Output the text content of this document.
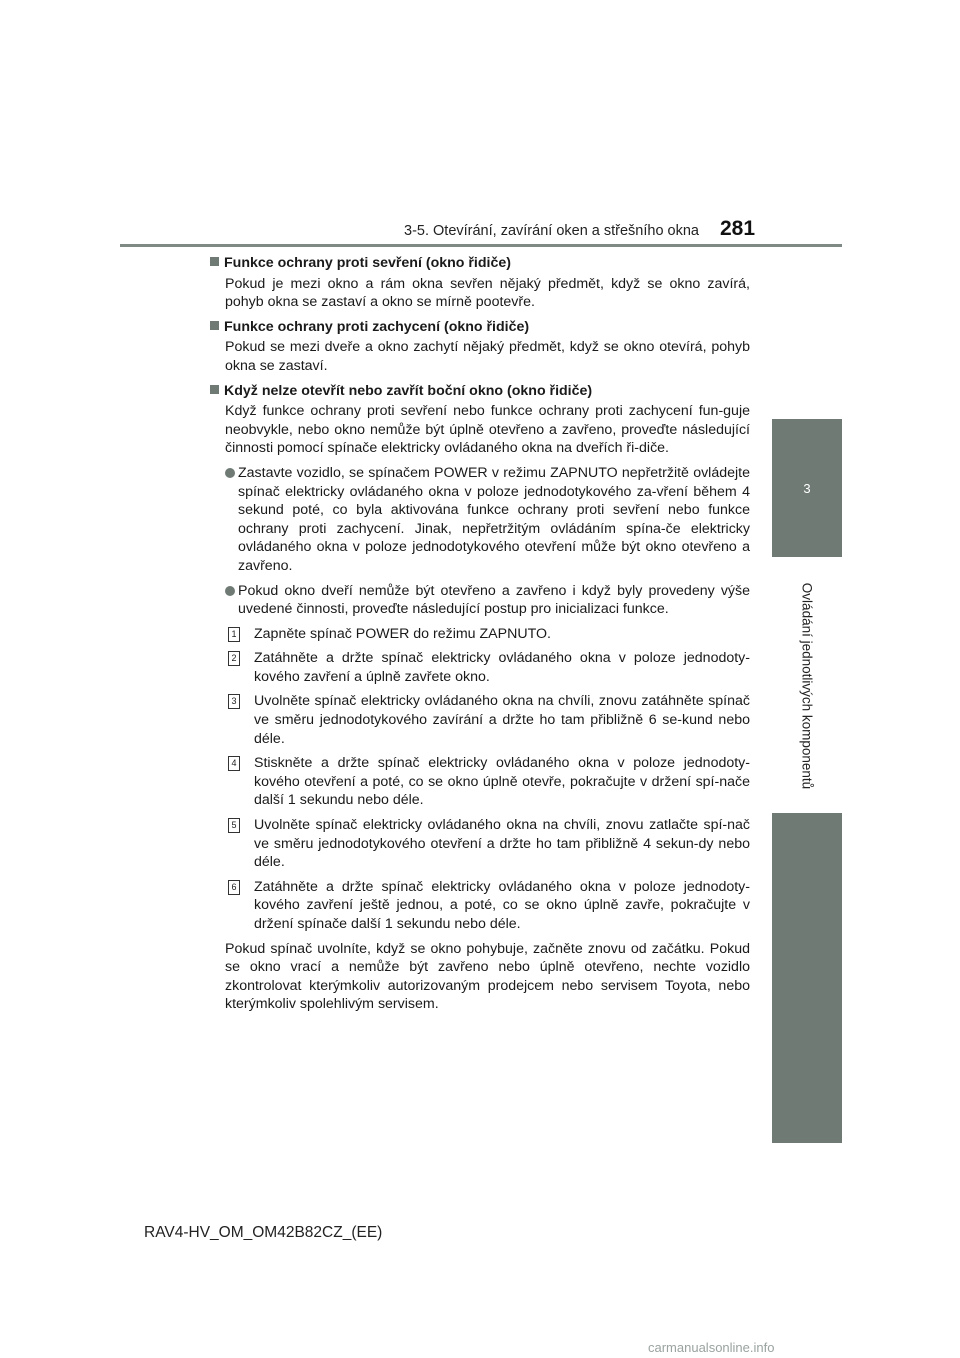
3-5. Otevírání, zavírání oken a střešního okna 281
3
Ovládání jednotlivých komponentů
Funkce ochrany proti sevření (okno řidiče)
Pokud je mezi okno a rám okna sevřen nějaký předmět, když se okno zavírá, pohyb okna se zastaví a okno se mírně pootevře.
Funkce ochrany proti zachycení (okno řidiče)
Pokud se mezi dveře a okno zachytí nějaký předmět, když se okno otevírá, pohyb okna se zastaví.
Když nelze otevřít nebo zavřít boční okno (okno řidiče)
Když funkce ochrany proti sevření nebo funkce ochrany proti zachycení fun-guje neobvykle, nebo okno nemůže být úplně otevřeno a zavřeno, proveďte následující činnosti pomocí spínače elektricky ovládaného okna na dveřích ři-diče.
Zastavte vozidlo, se spínačem POWER v režimu ZAPNUTO nepřetržitě ovládejte spínač elektricky ovládaného okna v poloze jednodotykového za-vření během 4 sekund poté, co byla aktivována funkce ochrany proti sevření nebo funkce ochrany proti zachycení. Jinak, nepřetržitým ovládáním spína-če elektricky ovládaného okna v poloze jednodotykového otevření může být okno otevřeno a zavřeno.
Pokud okno dveří nemůže být otevřeno a zavřeno i když byly provedeny výše uvedené činnosti, proveďte následující postup pro inicializaci funkce.
1 Zapněte spínač POWER do režimu ZAPNUTO.
2 Zatáhněte a držte spínač elektricky ovládaného okna v poloze jednodoty-kového zavření a úplně zavřete okno.
3 Uvolněte spínač elektricky ovládaného okna na chvíli, znovu zatáhněte spínač ve směru jednodotykového zavírání a držte ho tam přibližně 6 se-kund nebo déle.
4 Stiskněte a držte spínač elektricky ovládaného okna v poloze jednodoty-kového otevření a poté, co se okno úplně otevře, pokračujte v držení spí-nače další 1 sekundu nebo déle.
5 Uvolněte spínač elektricky ovládaného okna na chvíli, znovu zatlačte spí-nač ve směru jednodotykového otevření a držte ho tam přibližně 4 sekun-dy nebo déle.
6 Zatáhněte a držte spínač elektricky ovládaného okna v poloze jednodoty-kového zavření ještě jednou, a poté, co se okno úplně zavře, pokračujte v držení spínače další 1 sekundu nebo déle.
Pokud spínač uvolníte, když se okno pohybuje, začněte znovu od začátku. Pokud se okno vrací a nemůže být zavřeno nebo úplně otevřeno, nechte vozidlo zkontrolovat kterýmkoliv autorizovaným prodejcem nebo servisem Toyota, nebo kterýmkoliv spolehlivým servisem.
RAV4-HV_OM_OM42B82CZ_(EE)
carmanualsonline.info
